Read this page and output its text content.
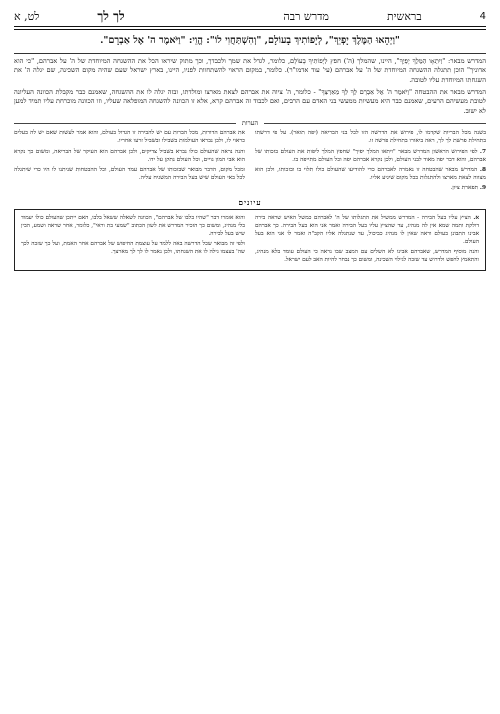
4
בראשית
מדרש רבה
לך לך
לט, א
"וַיְהָאוּ הַמֶּלֶךְ יָפְיֵךְ", לְיָפוֹתִיךְ בָעוֹלָם, "וְהִשְׁתַּחֲוִי לוֹ": הֱוֵי: "וַיֹּאמֶר ה' אֶל אַבְרָם".

המדרש מבאר: "וְיִתְאָו הַמֶּלֶךְ יָפְיֵךְ", היינו, שהמלך (ה') חפץ לְיָפוֹתִיךְ בָעוֹלָם, כלומר, לגדל את שמך ולכבדך, וכך מתוק שיראו הכל את ההשגחה המיוחדת של ה' על אברהם, "כי הוא אדוניך" הוכן תתגלה ההשגחה המיוחדת של ה' על אברהם (עי' עוד אדמו"ר). כלומר, במקום הראוי להשתחוות לפניו, היינו, בארץ ישראל שעם שהיה מקום השכינה, שם יגלה ה' את השגחתו המיוחדת עליו לטובה.

המדרש מבאר את ההבטחה "וַיֹּאמֶר ה' אֶל אַבְרָם לֶךְ לְךָ מֵאַרְצְךָ" - כלומר, ה' ציוה את אברהם לצאת מארצו ומולדתו, ובזה יגלה לו את ההשגחה, שאמנם כבר מקבלת הכוונה העליונה לטובת מעשיהם הרעים, שאמנם כבר היא מעשיות ממעשי בני האדם עם הרבים, ואם לכבוד זה אברהם קרא, אלא זו הכוונה להשגחה המופלאה שעליו, וזו הכוונה מוכרחת עליו תמיד למען לא ישוב.

הערות

בשנה מכל הבריות שקדמו לו, פירוש את הדרשה הזו לכל בני הבריאה (יפה תואר). על פי דרשתו בתחילת פרשת לך לך, ראה ביאורו בתחילת פרשה זו.

7. לפי הפירוש הראשון המדרש מבאר "ויתאו המלך יפיך" שחפץ המלך ליפות את העולם בזכותו של אברהם, והוא דבר יפה מאוד לבני העולם, ולכן נקרא אברהם יפה וכל העולם מתייפה בו.

8. המדרש מבאר שהבטחה זו נאמרה לאברהם כדי להודיעו שהעולם כולו תלוי בו ובזכותו, ולכן הוא מצווה לצאת מארצו ולהתגלות בכל מקום שיגיע אליו.

9. תפארת ציון.

את אברהם הדורות, מכל הברות עם יש להבירה זו הגדול בעולם, והוא אמר לעשות שאם יש לה בעלים כראוי לו, ולכן נבראו העולמות בשבילו ובשביל זרעו אחריו.

והנה נראה שהעולם כולו נברא בשביל צדיקים, ולכן אברהם הוא העיקר של הבריאה, ומשום כך נקרא הוא אבי המון גויים, וכל העולם נתקן על ידו.

ומכל מקום, הדבר מבואר שבזכותו של אברהם עמד העולם, וכל ההבטחות שניתנו לו היו כדי שיתגלה לכל באי העולם שיש בעל הבירה המשגיח עליה.

עיונים

א. הציץ עליו בעל הבירה - המדרש ממשיל את התגלותו של ה' לאברהם כמשל האיש שראה בירה דולקת ותמה שמא אין לה מנהיג, עד שהציץ עליו בעל הבירה ואמר אני הוא בעל הבירה. כך אברהם אבינו התבונן בעולם וראה שאין לו מנהיג כביכול, עד שנתגלה אליו הקב"ה ואמר לו אני הוא בעל העולם.

והנה מוסיף המדרש, שאברהם אבינו לא השלים עם המצב שבו נראה כי העולם עומד בלא מנהיג, והתאמץ לחפש ולדרוש עד שזכה לגילוי השכינה, ומשום כך נבחר להיות האב לעם ישראל.

והוא אומרו דבר "שהיו בלבו של אברהם", הכוונה לשאלה ששאל בלבו, האם ייתכן שהעולם כולו יעמוד בלי מנהיג, ומשום כך הזכיר המדרש את לשון הכתוב "שמעי בת וראי", כלומר, אחר שראה ושמע, הבין שיש בעל לבירה.

ולפי זה מבואר שכל הדרשה באה ללמד על עוצמת החיפוש של אברהם אחר האמת, ועל כך שזכה לכך שה' בעצמו גילה לו את השגחתו, ולכן נאמר לו לך לך מארצך.
